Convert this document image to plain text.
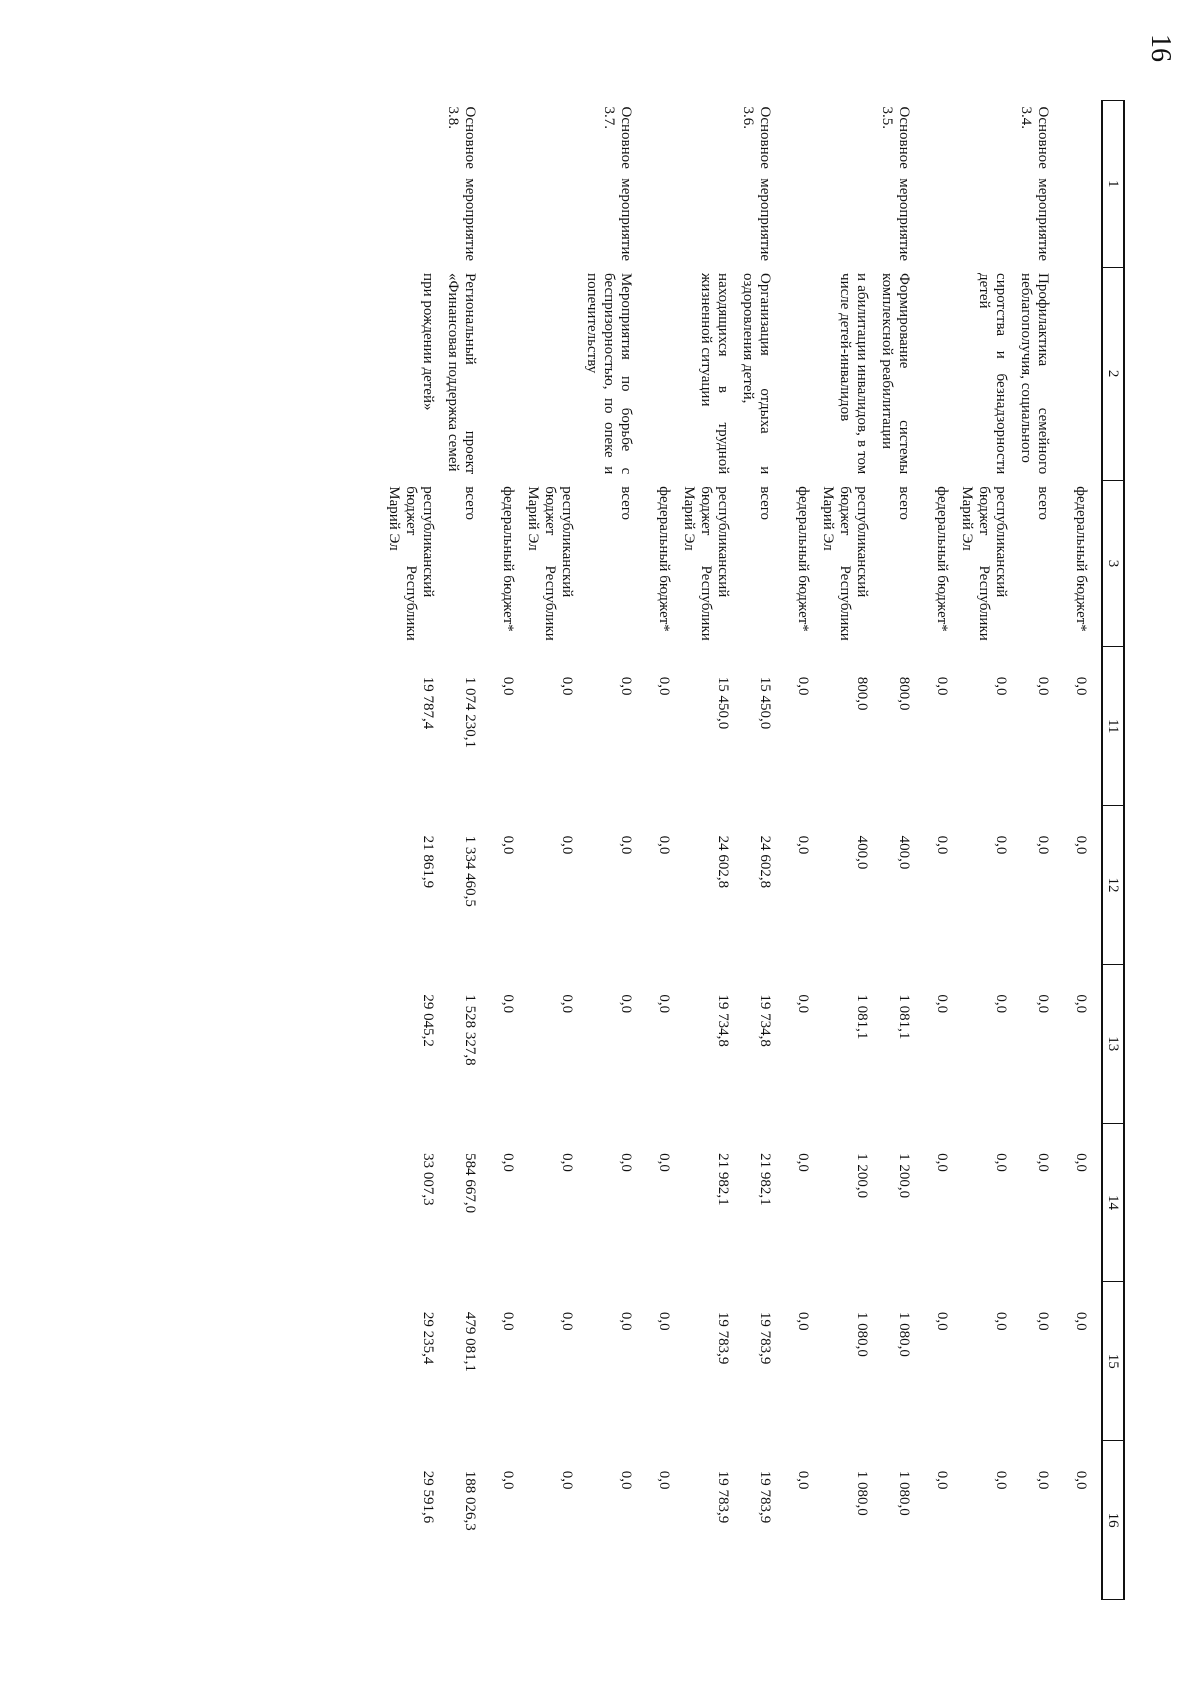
16
1	2	3	11	12	13	14	15	16
		федеральный бюджет*	0,0	0,0	0,0	0,0	0,0	0,0
Основное мероприятие 3.4.	Профилактика семейного неблагополучия, социального	всего	0,0	0,0	0,0	0,0	0,0	0,0
	сиротства и безнадзорности детей	республиканский бюджет Республики Марий Эл	0,0	0,0	0,0	0,0	0,0	0,0
		федеральный бюджет*	0,0	0,0	0,0	0,0	0,0	0,0
Основное мероприятие 3.5.	Формирование системы комплексной реабилитации	всего	800,0	400,0	1 081,1	1 200,0	1 080,0	1 080,0
	и абилитации инвалидов, в том числе детей-инвалидов	республиканский бюджет Республики Марий Эл	800,0	400,0	1 081,1	1 200,0	1 080,0	1 080,0
		федеральный бюджет*	0,0	0,0	0,0	0,0	0,0	0,0
Основное мероприятие 3.6.	Организация отдыха и оздоровления детей,	всего	15 450,0	24 602,8	19 734,8	21 982,1	19 783,9	19 783,9
	находящихся в трудной жизненной ситуации	республиканский бюджет Республики Марий Эл	15 450,0	24 602,8	19 734,8	21 982,1	19 783,9	19 783,9
		федеральный бюджет*	0,0	0,0	0,0	0,0	0,0	0,0
Основное мероприятие 3.7.	Мероприятия по борьбе с беспризорностью, по опеке и попечительству	всего	0,0	0,0	0,0	0,0	0,0	0,0
		республиканский бюджет Республики Марий Эл	0,0	0,0	0,0	0,0	0,0	0,0
		федеральный бюджет*	0,0	0,0	0,0	0,0	0,0	0,0
Основное мероприятие 3.8.	Региональный проект «Финансовая поддержка семей	всего	1 074 230,1	1 334 460,5	1 528 327,8	584 667,0	479 081,1	188 026,3
	при рождении детей»	республиканский бюджет Республики Марий Эл	19 787,4	21 861,9	29 045,2	33 007,3	29 235,4	29 591,6
